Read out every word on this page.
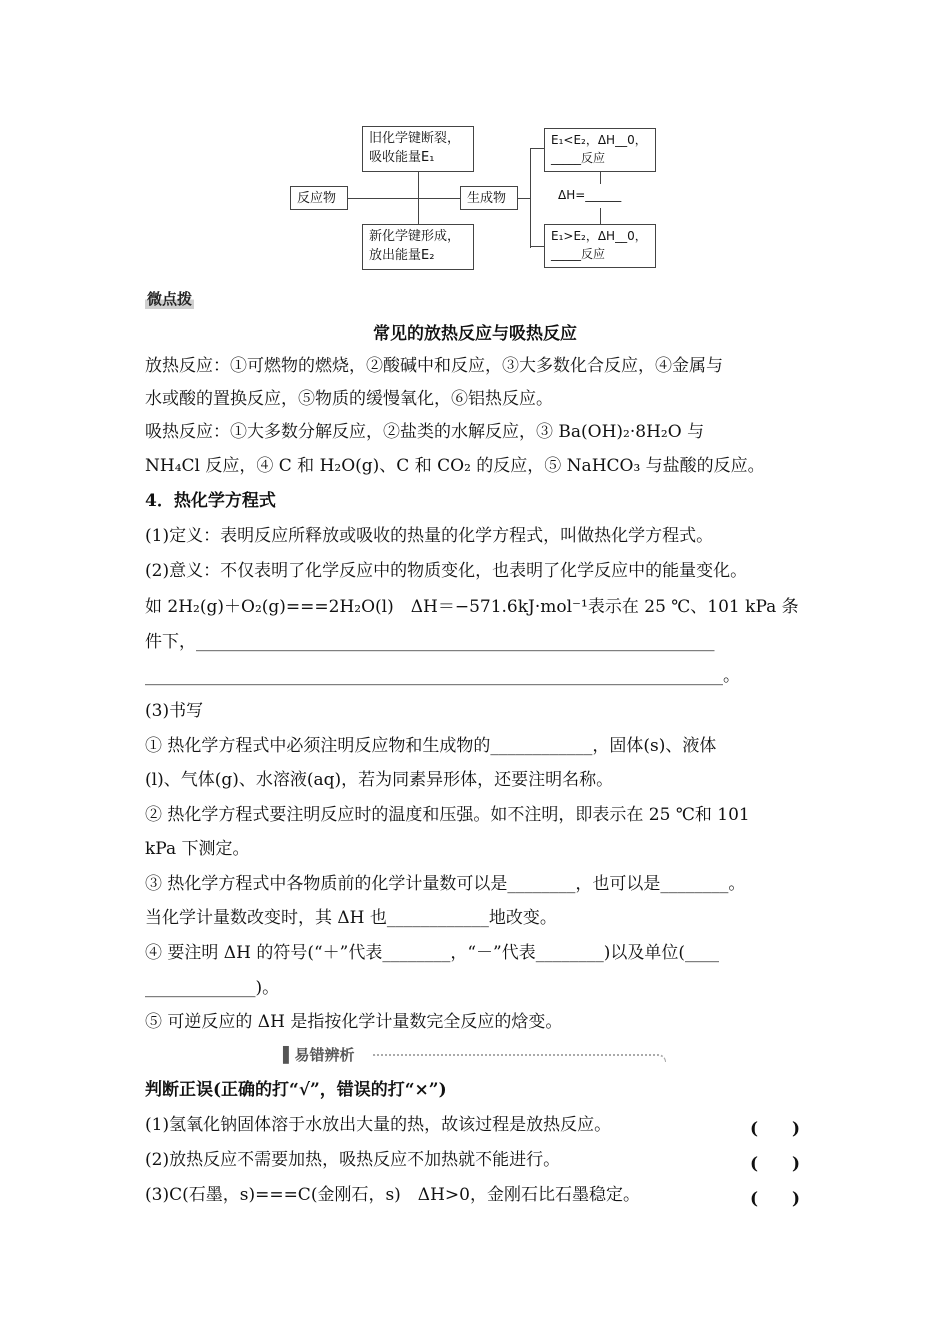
旧化学键断裂，
吸收能量E₁
反应物	生成物
新化学键形成，
放出能量E₂
E₁<E₂，ΔH__0，
_____反应
ΔH=______
E₁>E₂，ΔH__0，
_____反应
微点拨
常见的放热反应与吸热反应
放热反应：①可燃物的燃烧，②酸碱中和反应，③大多数化合反应，④金属与
水或酸的置换反应，⑤物质的缓慢氧化，⑥铝热反应。
吸热反应：①大多数分解反应，②盐类的水解反应，③ Ba(OH)₂·8H₂O 与
NH₄Cl 反应，④ C 和 H₂O(g)、C 和 CO₂ 的反应，⑤ NaHCO₃ 与盐酸的反应。
4．热化学方程式
(1)定义：表明反应所释放或吸收的热量的化学方程式，叫做热化学方程式。
(2)意义：不仅表明了化学反应中的物质变化，也表明了化学反应中的能量变化。
如 2H₂(g)＋O₂(g)===2H₂O(l)　ΔH＝−571.6kJ·mol⁻¹表示在 25 ℃、101 kPa 条
件下，_____________________________________________________________
____________________________________________________________________。
(3)书写
① 热化学方程式中必须注明反应物和生成物的____________，固体(s)、液体
(l)、气体(g)、水溶液(aq)，若为同素异形体，还要注明名称。
② 热化学方程式要注明反应时的温度和压强。如不注明，即表示在 25 ℃和 101
kPa 下测定。
③ 热化学方程式中各物质前的化学计量数可以是________，也可以是________。
当化学计量数改变时，其 ΔH 也____________地改变。
④ 要注明 ΔH 的符号(“＋”代表________，“－”代表________)以及单位(____
_____________)。
⑤ 可逆反应的 ΔH 是指按化学计量数完全反应的焓变。
▌易错辨析
判断正误(正确的打“√”，错误的打“×”)
(1)氢氧化钠固体溶于水放出大量的热，故该过程是放热反应。	(　　)
(2)放热反应不需要加热，吸热反应不加热就不能进行。	(　　)
(3)C(石墨，s)===C(金刚石，s)　ΔH>0，金刚石比石墨稳定。	(　　)
